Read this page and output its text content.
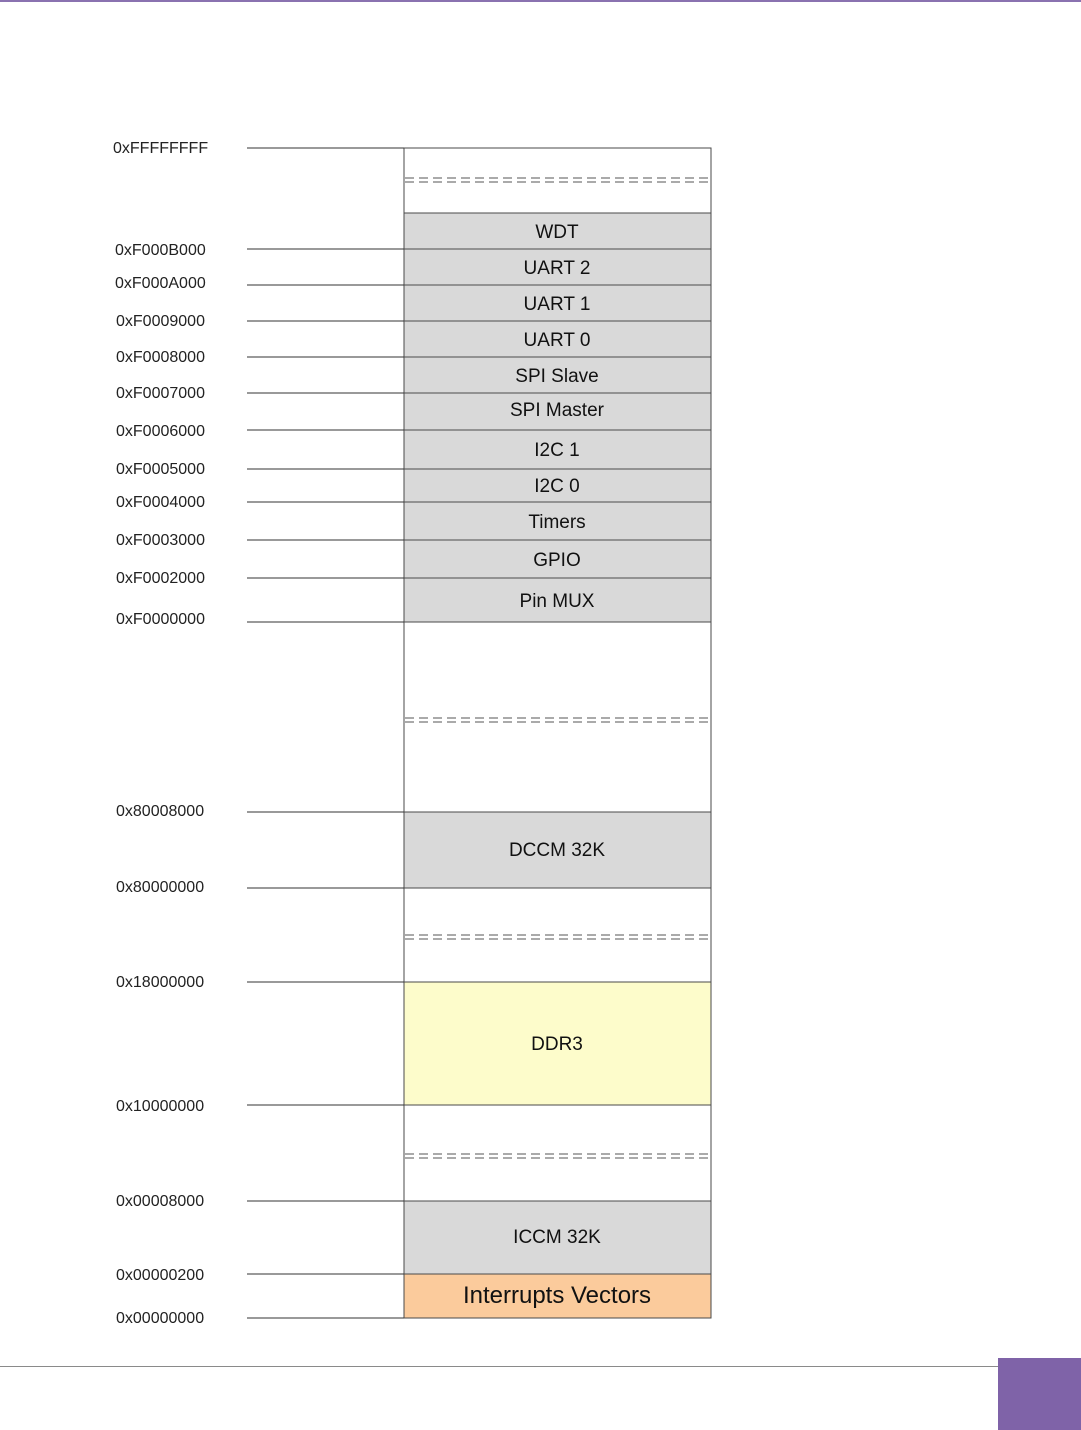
0xFFFFFFFF
0xF000B000
0xF000A000
0xF0009000
0xF0008000
0xF0007000
0xF0006000
0xF0005000
0xF0004000
0xF0003000
0xF0002000
0xF0000000
0x80008000
0x80000000
0x18000000
0x10000000
0x00008000
0x00000200
0x00000000
WDT
UART 2
UART 1
UART 0
SPI Slave
SPI Master
I2C 1
I2C 0
Timers
GPIO
Pin MUX
DCCM 32K
DDR3
ICCM 32K
Interrupts Vectors
